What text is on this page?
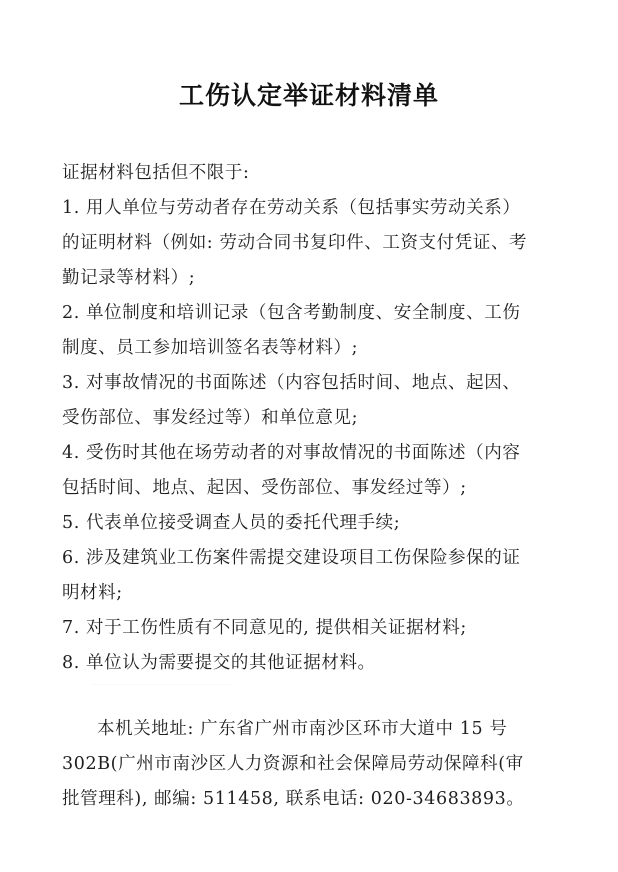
工伤认定举证材料清单
证据材料包括但不限于:
1. 用人单位与劳动者存在劳动关系（包括事实劳动关系）
的证明材料（例如: 劳动合同书复印件、工资支付凭证、考
勤记录等材料）;
2. 单位制度和培训记录（包含考勤制度、安全制度、工伤
制度、员工参加培训签名表等材料）;
3. 对事故情况的书面陈述（内容包括时间、地点、起因、
受伤部位、事发经过等）和单位意见;
4. 受伤时其他在场劳动者的对事故情况的书面陈述（内容
包括时间、地点、起因、受伤部位、事发经过等）;
5. 代表单位接受调查人员的委托代理手续;
6. 涉及建筑业工伤案件需提交建设项目工伤保险参保的证
明材料;
7. 对于工伤性质有不同意见的, 提供相关证据材料;
8. 单位认为需要提交的其他证据材料。
本机关地址: 广东省广州市南沙区环市大道中 15 号
302B(广州市南沙区人力资源和社会保障局劳动保障科(审
批管理科), 邮编: 511458, 联系电话: 020-34683893。
